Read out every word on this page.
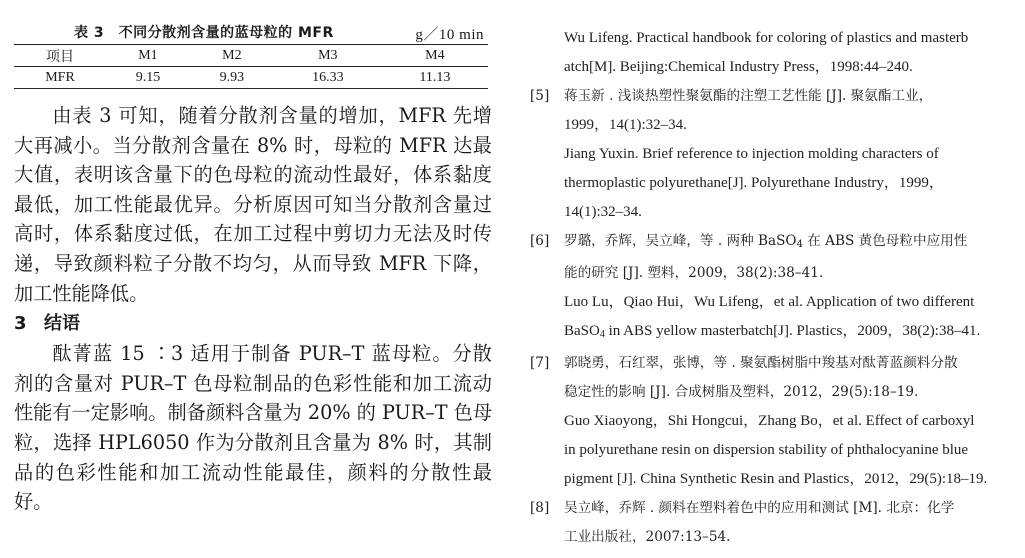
表 3　不同分散剂含量的蓝母粒的 MFR	g／10 min
项目	M1	M2	M3	M4
MFR	9.15	9.93	16.33	11.13

由表 3 可知，随着分散剂含量的增加，MFR 先增大再减小。当分散剂含量在 8% 时，母粒的 MFR 达最大值，表明该含量下的色母粒的流动性最好，体系黏度最低，加工性能最优异。分析原因可知当分散剂含量过高时，体系黏度过低，在加工过程中剪切力无法及时传递，导致颜料粒子分散不均匀，从而导致 MFR 下降，加工性能降低。

3 结语

酞菁蓝 15 ∶3 适用于制备 PUR–T 蓝母粒。分散剂的含量对 PUR–T 色母粒制品的色彩性能和加工流动性能有一定影响。制备颜料含量为 20% 的 PUR–T 色母粒，选择 HPL6050 作为分散剂且含量为 8% 时，其制品的色彩性能和加工流动性能最佳，颜料的分散性最好。

Wu Lifeng. Practical handbook for coloring of plastics and masterb
atch[M]. Beijing:Chemical Industry Press，1998:44–240.
[5] 蒋玉新 . 浅谈热塑性聚氨酯的注塑工艺性能 [J]. 聚氨酯工业，
1999，14(1):32–34.
Jiang Yuxin. Brief reference to injection molding characters of
thermoplastic polyurethane[J]. Polyurethane Industry，1999，
14(1):32–34.
[6] 罗璐，乔辉，吴立峰，等 . 两种 BaSO$_4$ 在 ABS 黄色母粒中应用性
能的研究 [J]. 塑料，2009，38(2):38–41.
Luo Lu，Qiao Hui，Wu Lifeng，et al. Application of two different
BaSO$_4$ in ABS yellow masterbatch[J]. Plastics，2009，38(2):38–41.
[7] 郭晓勇，石红翠，张博，等 . 聚氨酯树脂中羧基对酞菁蓝颜料分散
稳定性的影响 [J]. 合成树脂及塑料，2012，29(5):18–19.
Guo Xiaoyong，Shi Hongcui，Zhang Bo，et al. Effect of carboxyl
in polyurethane resin on dispersion stability of phthalocyanine blue
pigment [J]. China Synthetic Resin and Plastics，2012，29(5):18–19.
[8] 吴立峰，乔辉 . 颜料在塑料着色中的应用和测试 [M]. 北京：化学
工业出版社，2007:13–54.
